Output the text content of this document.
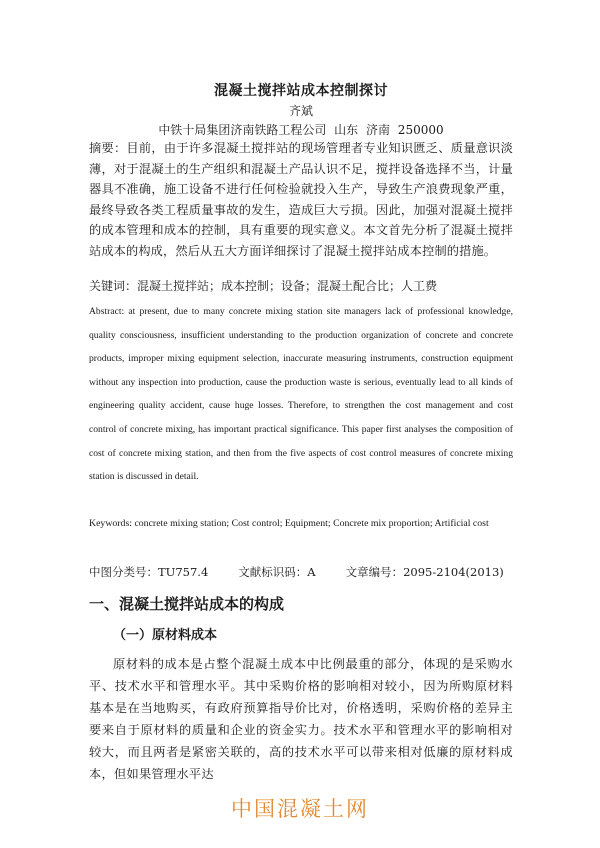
混凝土搅拌站成本控制探讨
齐斌
中铁十局集团济南铁路工程公司 山东 济南 250000
摘要：目前，由于许多混凝土搅拌站的现场管理者专业知识匮乏、质量意识淡薄，对于混凝土的生产组织和混凝土产品认识不足，搅拌设备选择不当，计量器具不准确，施工设备不进行任何检验就投入生产，导致生产浪费现象严重，最终导致各类工程质量事故的发生，造成巨大亏损。因此，加强对混凝土搅拌的成本管理和成本的控制，具有重要的现实意义。本文首先分析了混凝土搅拌站成本的构成，然后从五大方面详细探讨了混凝土搅拌站成本控制的措施。
关键词：混凝土搅拌站；成本控制；设备；混凝土配合比；人工费
Abstract: at present, due to many concrete mixing station site managers lack of professional knowledge, quality consciousness, insufficient understanding to the production organization of concrete and concrete products, improper mixing equipment selection, inaccurate measuring instruments, construction equipment without any inspection into production, cause the production waste is serious, eventually lead to all kinds of engineering quality accident, cause huge losses. Therefore, to strengthen the cost management and cost control of concrete mixing, has important practical significance. This paper first analyses the composition of cost of concrete mixing station, and then from the five aspects of cost control measures of concrete mixing station is discussed in detail.
Keywords: concrete mixing station; Cost control; Equipment; Concrete mix proportion; Artificial cost
中图分类号：TU757.4	文献标识码：A	文章编号：2095-2104(2013)
一、混凝土搅拌站成本的构成
（一）原材料成本
原材料的成本是占整个混凝土成本中比例最重的部分，体现的是采购水平、技术水平和管理水平。其中采购价格的影响相对较小，因为所购原材料基本是在当地购买，有政府预算指导价比对，价格透明，采购价格的差异主要来自于原材料的质量和企业的资金实力。技术水平和管理水平的影响相对较大，而且两者是紧密关联的，高的技术水平可以带来相对低廉的原材料成本，但如果管理水平达
中国混凝土网
